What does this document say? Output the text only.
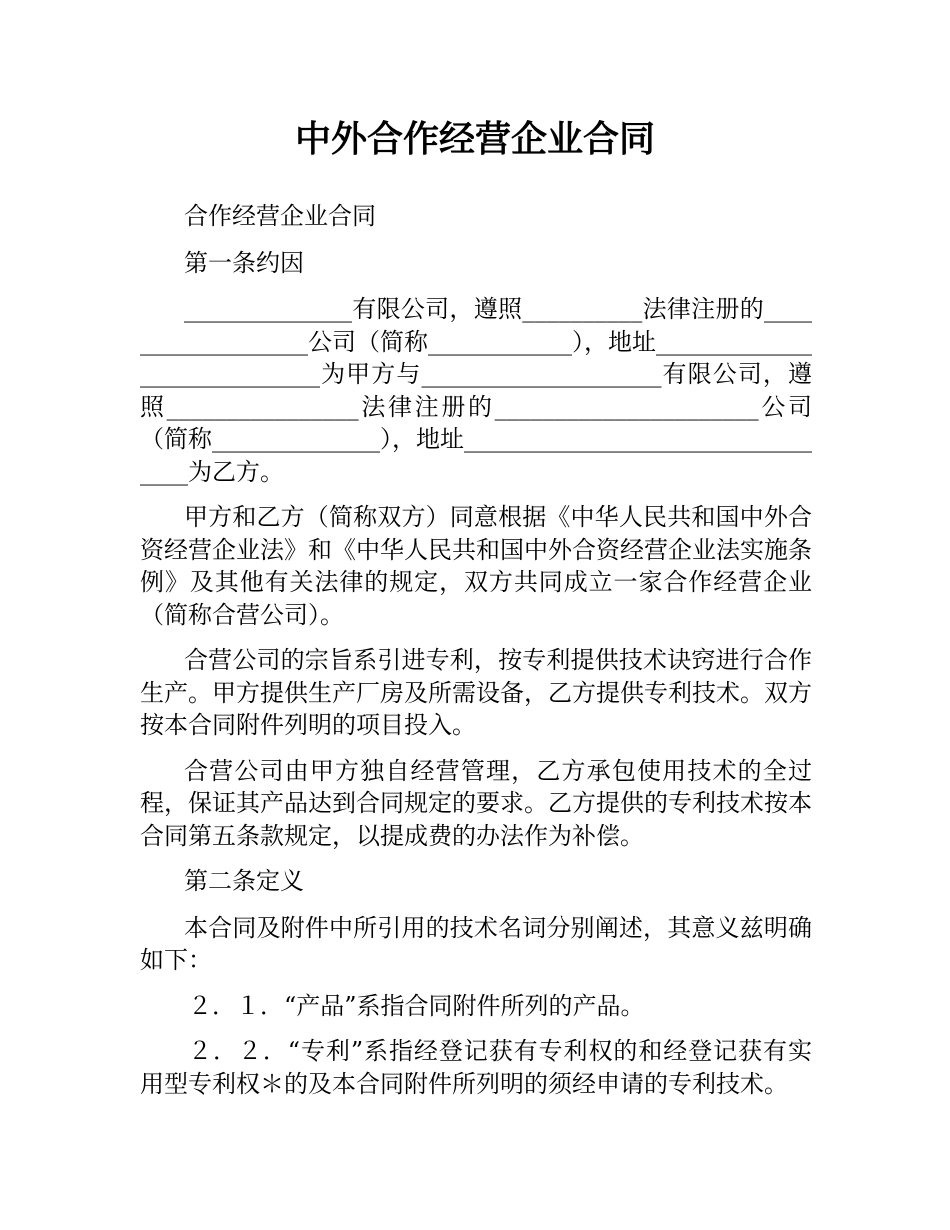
中外合作经营企业合同

合作经营企业合同

第一条约因

______________有限公司，遵照__________法律注册的__________________公司（简称____________），地址____________________________为甲方与____________________有限公司，遵照________________法律注册的______________________公司（简称______________），地址_________________________________为乙方。

甲方和乙方（简称双方）同意根据《中华人民共和国中外合资经营企业法》和《中华人民共和国中外合资经营企业法实施条例》及其他有关法律的规定，双方共同成立一家合作经营企业（简称合营公司）。

合营公司的宗旨系引进专利，按专利提供技术诀窍进行合作生产。甲方提供生产厂房及所需设备，乙方提供专利技术。双方按本合同附件列明的项目投入。

合营公司由甲方独自经营管理，乙方承包使用技术的全过程，保证其产品达到合同规定的要求。乙方提供的专利技术按本合同第五条款规定，以提成费的办法作为补偿。

第二条定义

本合同及附件中所引用的技术名词分别阐述，其意义兹明确如下：

２．１．“产品”系指合同附件所列的产品。

２．２．“专利”系指经登记获有专利权的和经登记获有实用型专利权＊的及本合同附件所列明的须经申请的专利技术。
